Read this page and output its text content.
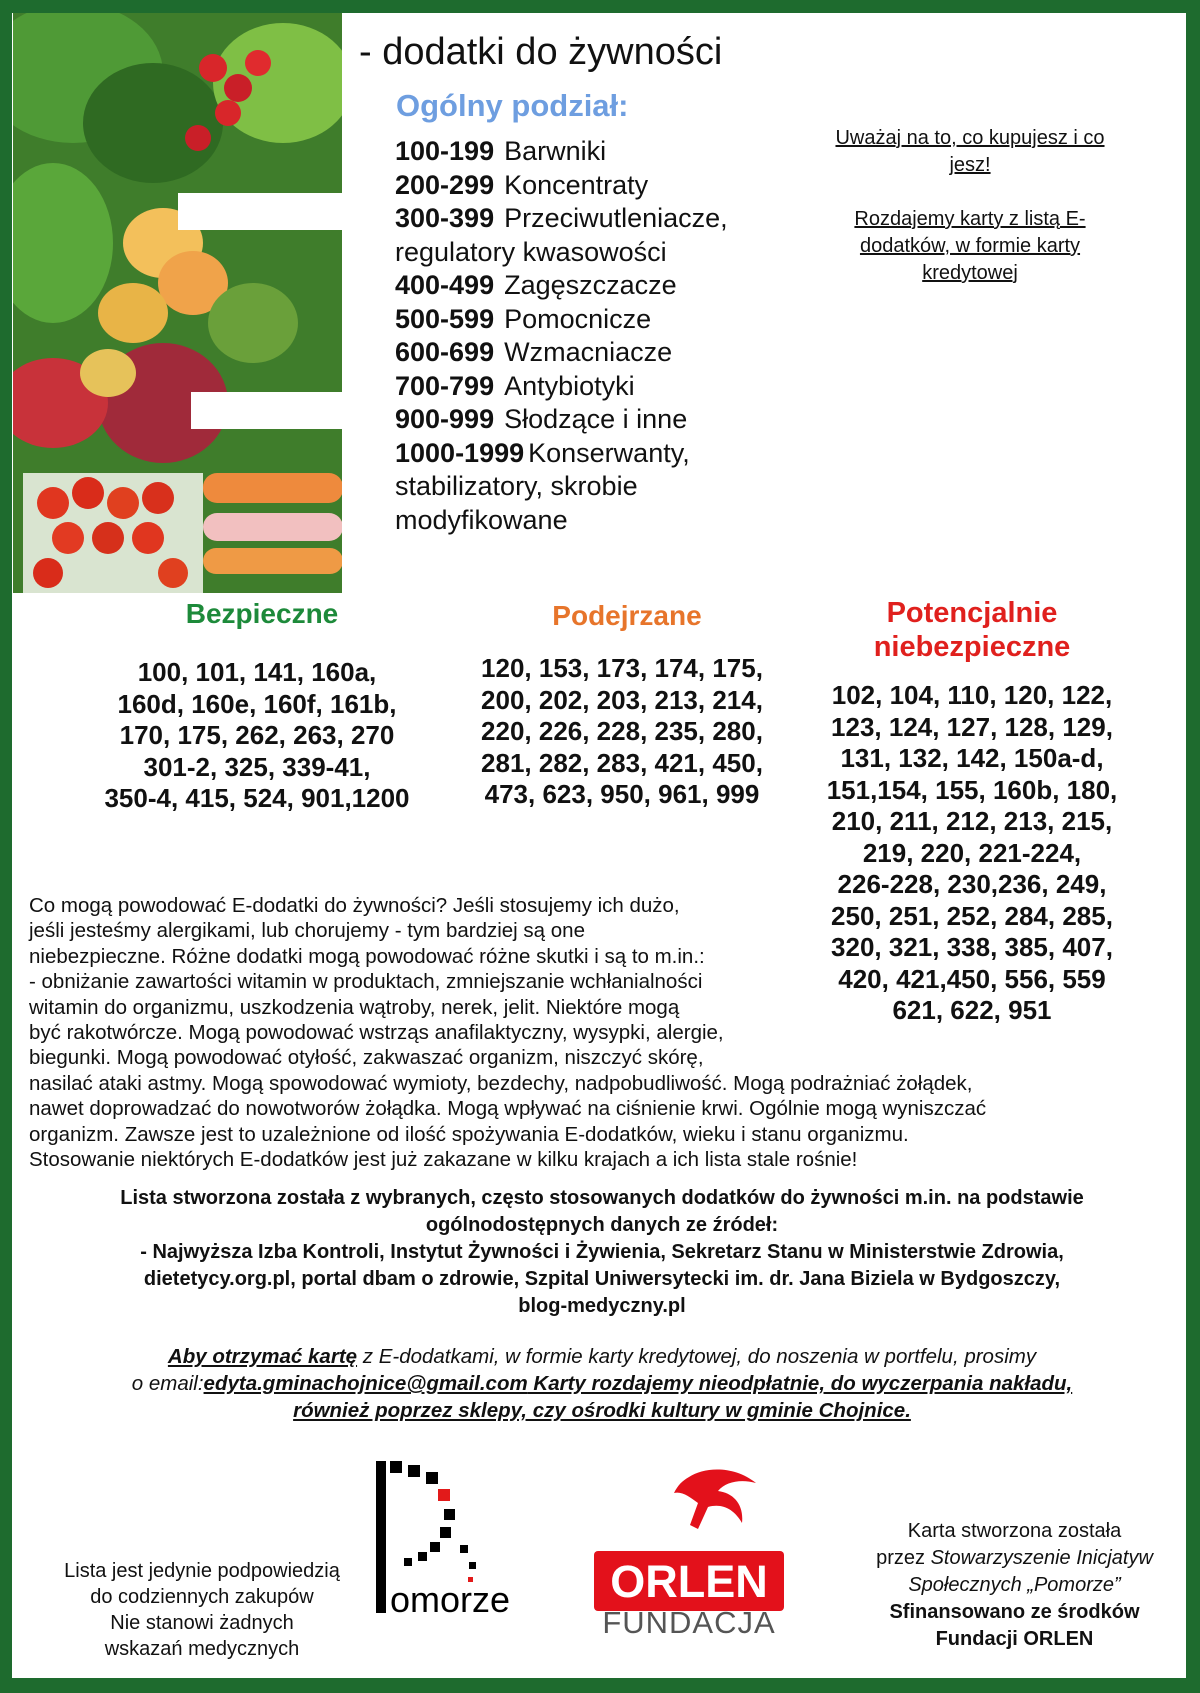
- dodatki do żywności
Ogólny podział:
100-199 Barwniki
200-299 Koncentraty
300-399 Przeciwutleniacze,
regulatory kwasowości
400-499 Zagęszczacze
500-599 Pomocnicze
600-699 Wzmacniacze
700-799 Antybiotyki
900-999 Słodzące i inne
1000-1999 Konserwanty,
stabilizatory, skrobie
modyfikowane

Uważaj na to, co kupujesz i co jesz!

Rozdajemy karty z listą E-dodatków, w formie karty kredytowej

Bezpieczne	Podejrzane	Potencjalnie
niebezpieczne
100, 101, 141, 160a,
160d, 160e, 160f, 161b,
170, 175, 262, 263, 270
301-2, 325, 339-41,
350-4, 415, 524, 901,1200
120, 153, 173, 174, 175,
200, 202, 203, 213, 214,
220, 226, 228, 235, 280,
281, 282, 283, 421, 450,
473, 623, 950, 961, 999
102, 104, 110, 120, 122,
123, 124, 127, 128, 129,
131, 132, 142, 150a-d,
151,154, 155, 160b, 180,
210, 211, 212, 213, 215,
219, 220, 221-224,
226-228, 230,236, 249,
250, 251, 252, 284, 285,
320, 321, 338, 385, 407,
420, 421,450, 556, 559
621, 622, 951
Co mogą powodować E-dodatki do żywności? Jeśli stosujemy ich dużo,
jeśli jesteśmy alergikami, lub chorujemy - tym bardziej są one
niebezpieczne. Różne dodatki mogą powodować różne skutki i są to m.in.:
- obniżanie zawartości witamin w produktach, zmniejszanie wchłanialności
witamin do organizmu, uszkodzenia wątroby, nerek, jelit. Niektóre mogą
być rakotwórcze. Mogą powodować wstrząs anafilaktyczny, wysypki, alergie,
biegunki. Mogą powodować otyłość, zakwaszać organizm, niszczyć skórę,
nasilać ataki astmy. Mogą spowodować wymioty, bezdechy, nadpobudliwość. Mogą podrażniać żołądek,
nawet doprowadzać do nowotworów żołądka. Mogą wpływać na ciśnienie krwi. Ogólnie mogą wyniszczać
organizm. Zawsze jest to uzależnione od ilość spożywania E-dodatków, wieku i stanu organizmu.
Stosowanie niektórych E-dodatków jest już zakazane w kilku krajach a ich lista stale rośnie!
Lista stworzona została z wybranych, często stosowanych dodatków do żywności m.in. na podstawie
ogólnodostępnych danych ze źródeł:
- Najwyższa Izba Kontroli, Instytut Żywności i Żywienia, Sekretarz Stanu w Ministerstwie Zdrowia,
dietetycy.org.pl, portal dbam o zdrowie, Szpital Uniwersytecki im. dr. Jana Biziela w Bydgoszczy,
blog-medyczny.pl
Aby otrzymać kartę z E-dodatkami, w formie karty kredytowej, do noszenia w portfelu, prosimy
o email:edyta.gminachojnice@gmail.com Karty rozdajemy nieodpłatnie, do wyczerpania nakładu,
również poprzez sklepy, czy ośrodki kultury w gminie Chojnice.
Lista jest jedynie podpowiedzią
do codziennych zakupów
Nie stanowi żadnych
wskazań medycznych
omorze ORLEN
FUNDACJA
Karta stworzona została
przez Stowarzyszenie Inicjatyw
Społecznych „Pomorze”
Sfinansowano ze środków
Fundacji ORLEN
